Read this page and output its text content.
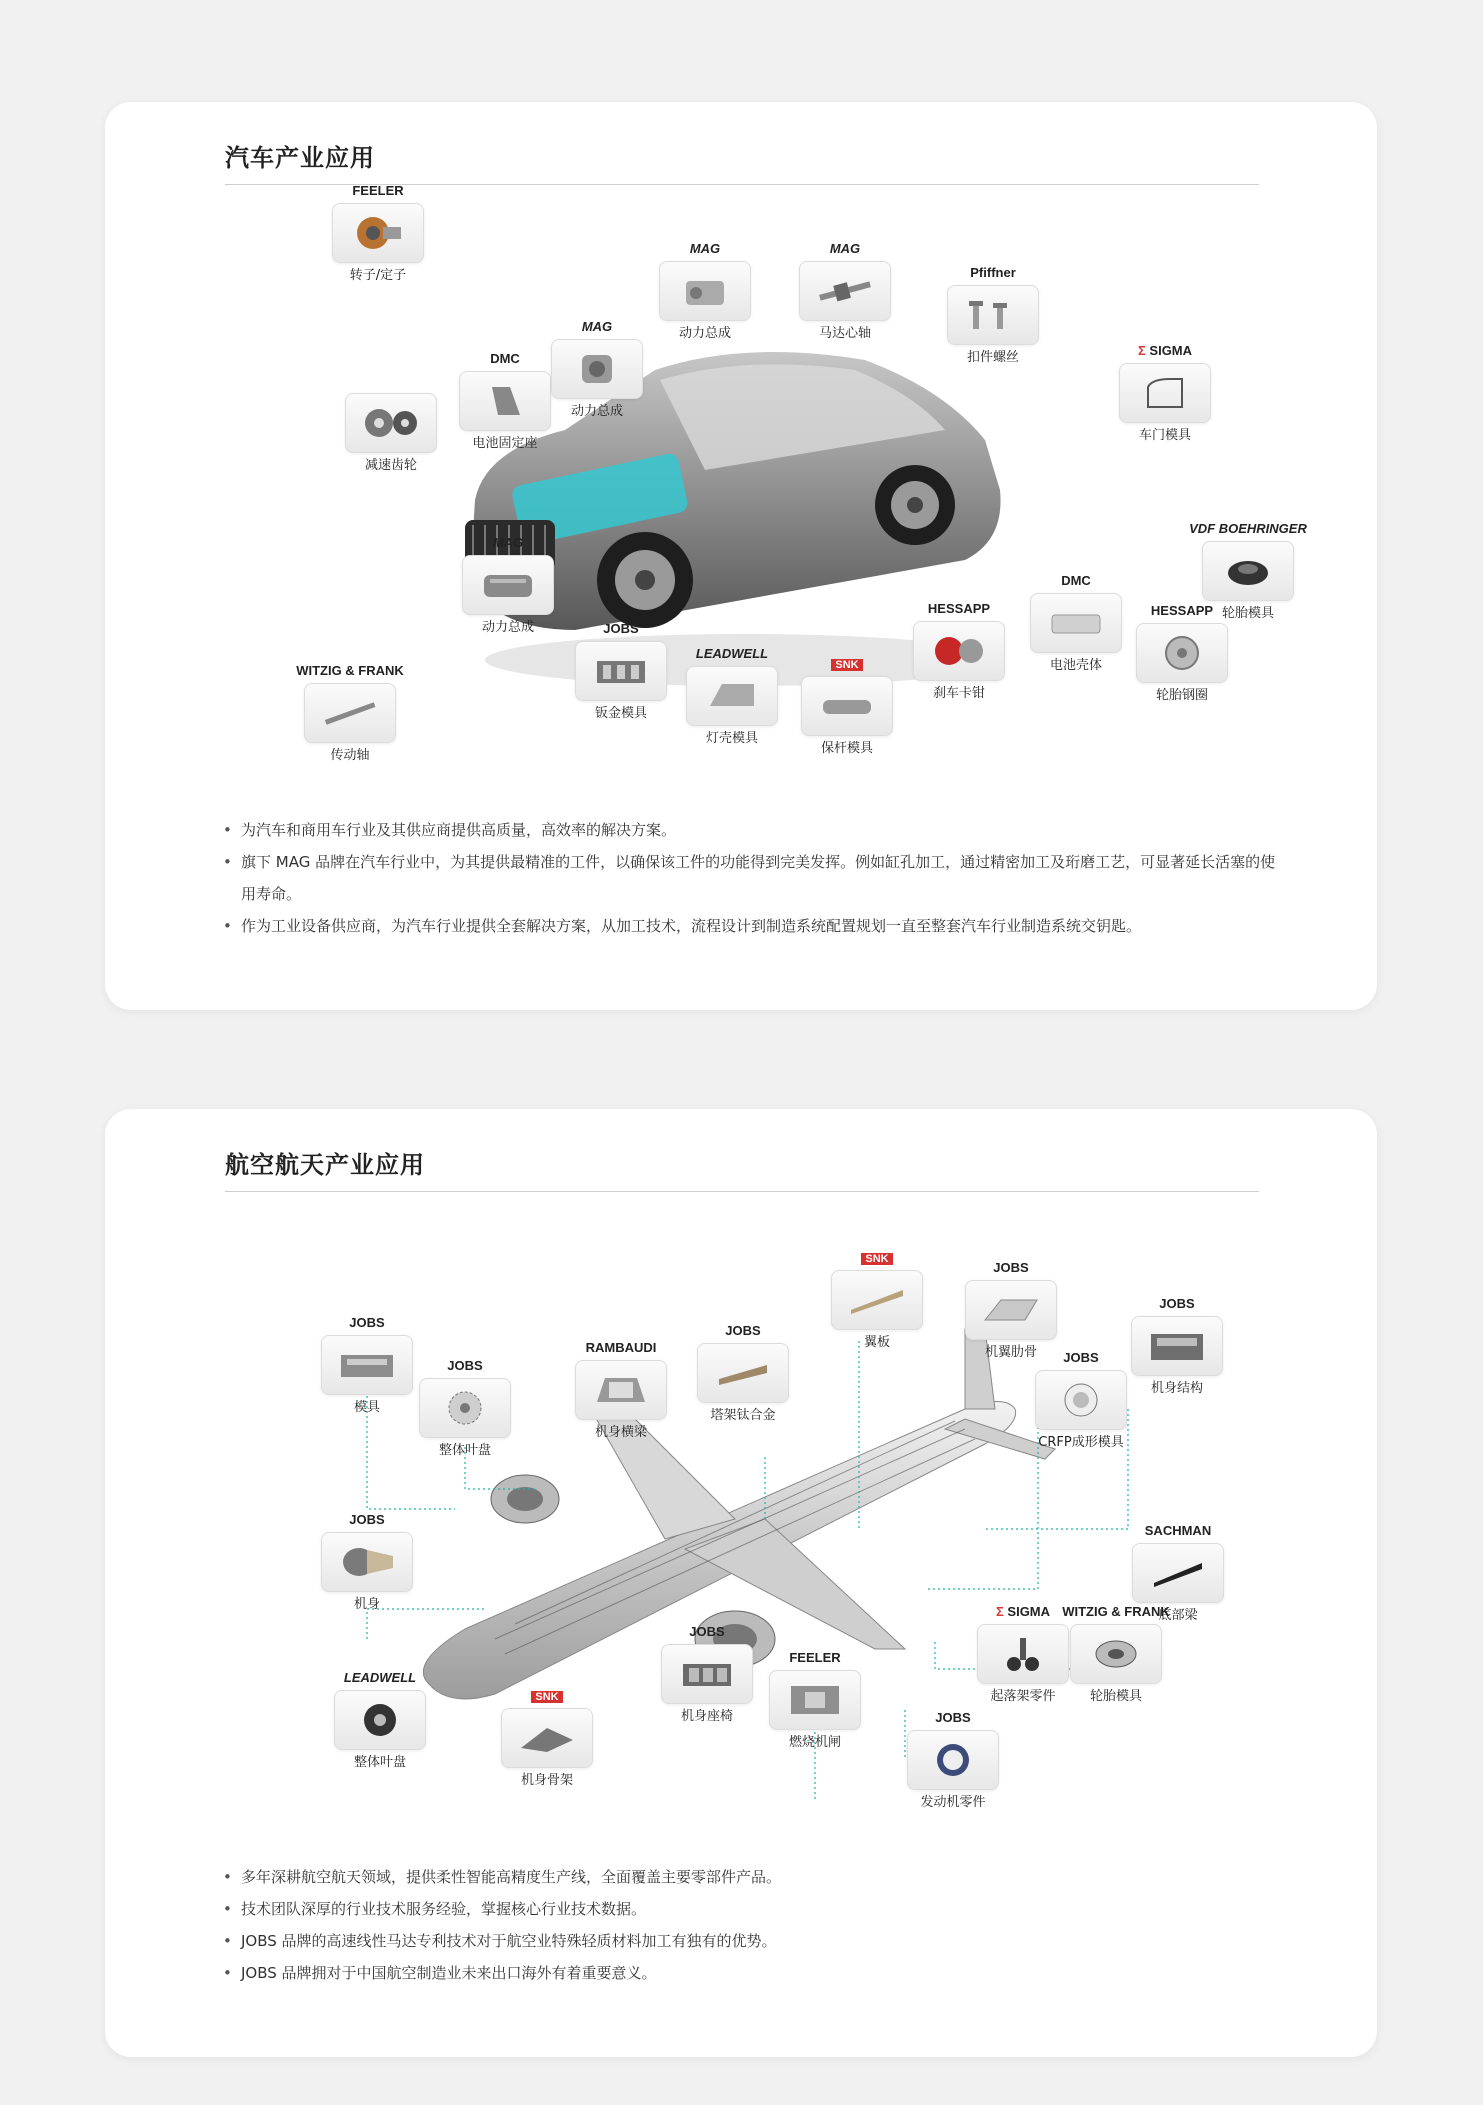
汽车产业应用
FEELER
转子/定子
MAG
动力总成
MAG
马达心轴
Pfiffner
扣件螺丝
DMC
电池固定座
MAG
动力总成
减速齿轮
Σ SIGMA
车门模具
VDF BOEHRINGER
轮胎模具
MAG
动力总成
DMC
电池壳体
HESSAPP
刹车卡钳
HESSAPP
轮胎钢圈
JOBS
钣金模具
LEADWELL
灯壳模具
SNK
保杆模具
WITZIG & FRANK
传动轴
• 为汽车和商用车行业及其供应商提供高质量，高效率的解决方案。
• 旗下 MAG 品牌在汽车行业中，为其提供最精准的工件，以确保该工件的功能得到完美发挥。例如缸孔加工，通过精密加工及珩磨工艺，可显著延长活塞的使用寿命。
• 作为工业设备供应商，为汽车行业提供全套解决方案，从加工技术，流程设计到制造系统配置规划一直至整套汽车行业制造系统交钥匙。
航空航天产业应用
JOBS
模具
JOBS
整体叶盘
RAMBAUDI
机身横梁
JOBS
塔架钛合金
SNK
翼板
JOBS
机翼肋骨	JOBS
CRFP成形模具
JOBS
机身结构
JOBS
机身
SACHMAN
底部梁
Σ SIGMA
起落架零件
WITZIG & FRANK
轮胎模具
JOBS
机身座椅
FEELER
燃烧机闸
JOBS
发动机零件
LEADWELL
整体叶盘
SNK
机身骨架
• 多年深耕航空航天领域，提供柔性智能高精度生产线，全面覆盖主要零部件产品。
• 技术团队深厚的行业技术服务经验，掌握核心行业技术数据。
• JOBS 品牌的高速线性马达专利技术对于航空业特殊轻质材料加工有独有的优势。
• JOBS 品牌拥对于中国航空制造业未来出口海外有着重要意义。
